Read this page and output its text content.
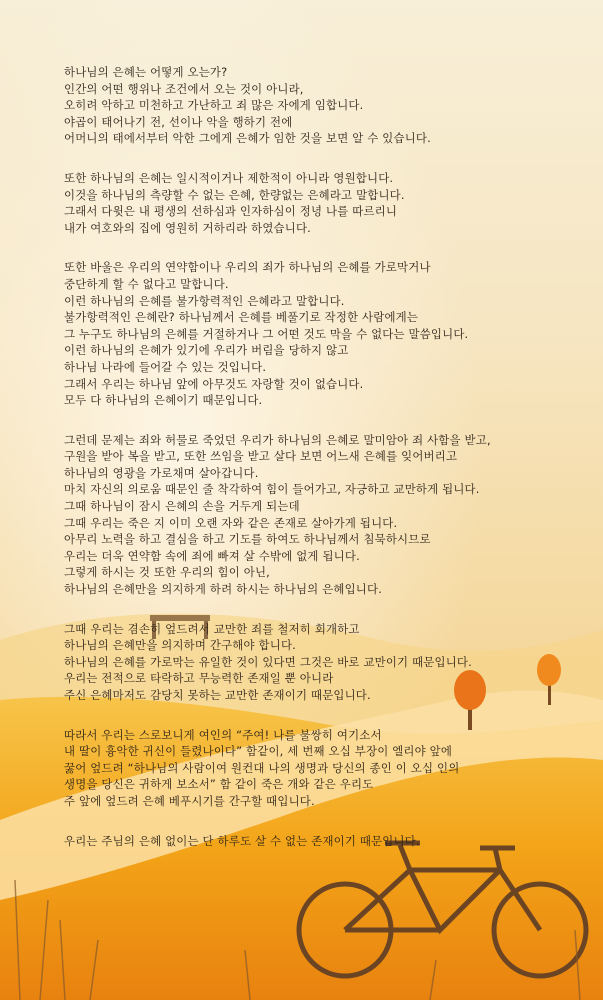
하나님의 은혜는 어떻게 오는가?
인간의 어떤 행위나 조건에서 오는 것이 아니라,
오히려 악하고 미천하고 가난하고 죄 많은 자에게 임합니다.
야곱이 태어나기 전, 선이나 악을 행하기 전에
어머니의 태에서부터 악한 그에게 은혜가 임한 것을 보면 알 수 있습니다.
또한 하나님의 은혜는 일시적이거나 제한적이 아니라 영원합니다.
이것을 하나님의 측량할 수 없는 은혜, 한량없는 은혜라고 말합니다.
그래서 다윗은 내 평생의 선하심과 인자하심이 정녕 나를 따르리니
내가 여호와의 집에 영원히 거하리라 하였습니다.
또한 바울은 우리의 연약함이나 우리의 죄가 하나님의 은혜를 가로막거나
중단하게 할 수 없다고 말합니다.
이런 하나님의 은혜를 불가항력적인 은혜라고 말합니다.
불가항력적인 은혜란? 하나님께서 은혜를 베풀기로 작정한 사람에게는
그 누구도 하나님의 은혜를 거절하거나 그 어떤 것도 막을 수 없다는 말씀입니다.
이런 하나님의 은혜가 있기에 우리가 버림을 당하지 않고
하나님 나라에 들어갈 수 있는 것입니다.
그래서 우리는 하나님 앞에 아무것도 자랑할 것이 없습니다.
모두 다 하나님의 은혜이기 때문입니다.
그런데 문제는 죄와 허물로 죽었던 우리가 하나님의 은혜로 말미암아 죄 사함을 받고,
구원을 받아 복을 받고, 또한 쓰임을 받고 살다 보면 어느새 은혜를 잊어버리고
하나님의 영광을 가로채며 살아갑니다.
마치 자신의 의로움 때문인 줄 착각하여 힘이 들어가고, 자긍하고 교만하게 됩니다.
그때 하나님이 잠시 은혜의 손을 거두게 되는데
그때 우리는 죽은 지 이미 오랜 자와 같은 존재로 살아가게 됩니다.
아무리 노력을 하고 결심을 하고 기도를 하여도 하나님께서 침묵하시므로
우리는 더욱 연약함 속에 죄에 빠져 살 수밖에 없게 됩니다.
그렇게 하시는 것 또한 우리의 힘이 아닌,
하나님의 은혜만을 의지하게 하려 하시는 하나님의 은혜입니다.
그때 우리는 겸손히 엎드려서 교만한 죄를 철저히 회개하고
하나님의 은혜만을 의지하며 간구해야 합니다.
하나님의 은혜를 가로막는 유일한 것이 있다면 그것은 바로 교만이기 때문입니다.
우리는 전적으로 타락하고 무능력한 존재일 뿐 아니라
주신 은혜마저도 감당치 못하는 교만한 존재이기 때문입니다.
따라서 우리는 스로보니게 여인의 “주여! 나를 불쌍히 여기소서
내 딸이 흉악한 귀신이 들렸나이다” 함같이, 세 번째 오십 부장이 엘리야 앞에
꿇어 엎드려 “하나님의 사람이여 원컨대 나의 생명과 당신의 종인 이 오십 인의
생명을 당신은 귀하게 보소서” 함 같이 죽은 개와 같은 우리도
주 앞에 엎드려 은혜 베푸시기를 간구할 때입니다.
우리는 주님의 은혜 없이는 단 하루도 살 수 없는 존재이기 때문입니다.
